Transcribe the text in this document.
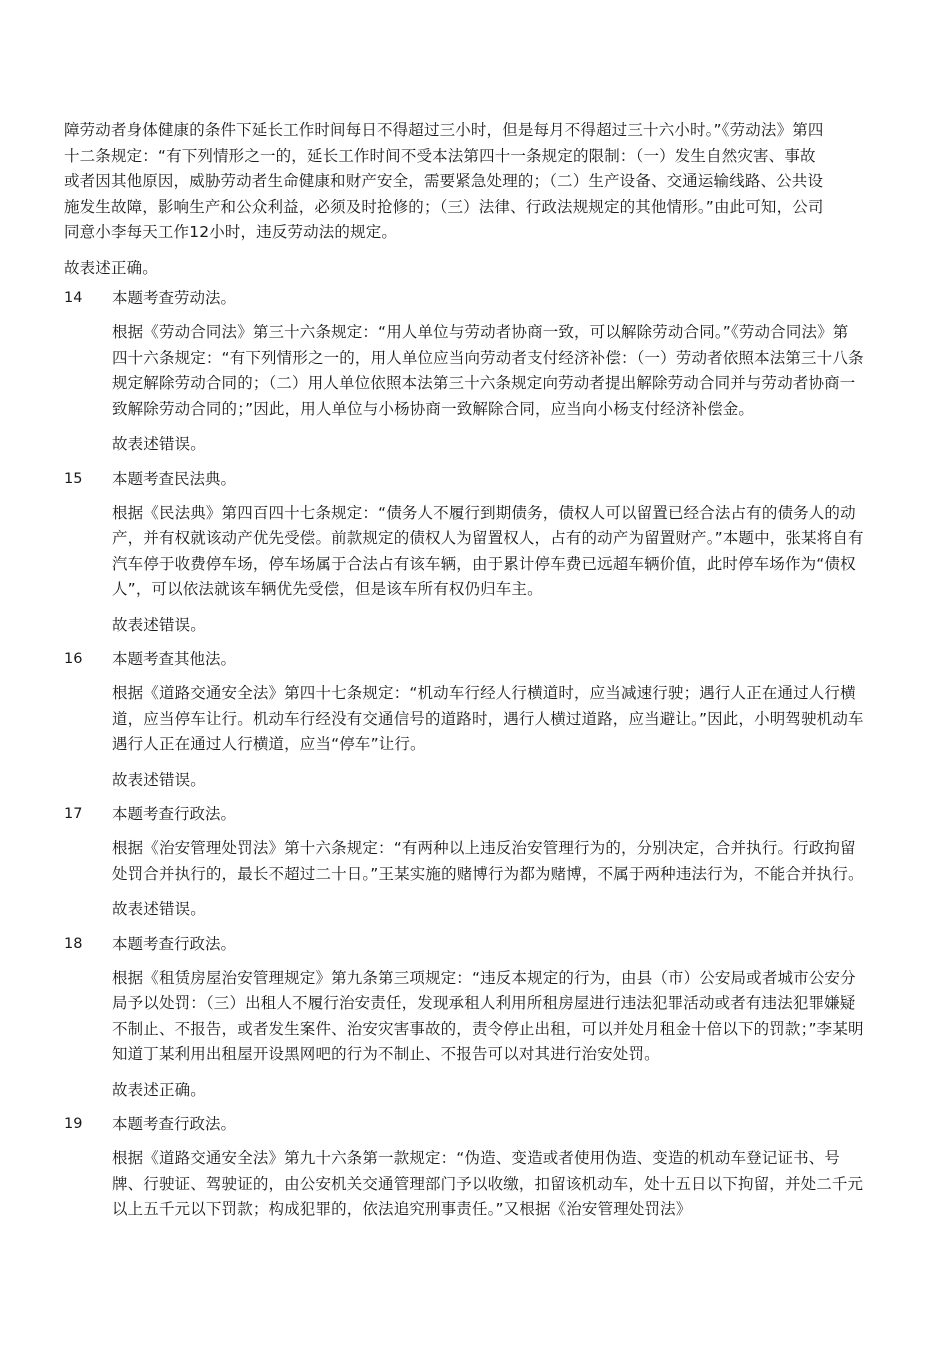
障劳动者身体健康的条件下延长工作时间每日不得超过三小时，但是每月不得超过三十六小时。”《劳动法》第四十二条规定：“有下列情形之一的，延长工作时间不受本法第四十一条规定的限制：（一）发生自然灾害、事故或者因其他原因，威胁劳动者生命健康和财产安全，需要紧急处理的；（二）生产设备、交通运输线路、公共设施发生故障，影响生产和公众利益，必须及时抢修的；（三）法律、行政法规规定的其他情形。”由此可知，公司同意小李每天工作12小时，违反劳动法的规定。

故表述正确。

14	本题考查劳动法。

根据《劳动合同法》第三十六条规定：“用人单位与劳动者协商一致，可以解除劳动合同。”《劳动合同法》第四十六条规定：“有下列情形之一的，用人单位应当向劳动者支付经济补偿：（一）劳动者依照本法第三十八条规定解除劳动合同的；（二）用人单位依照本法第三十六条规定向劳动者提出解除劳动合同并与劳动者协商一致解除劳动合同的；”因此，用人单位与小杨协商一致解除合同，应当向小杨支付经济补偿金。

故表述错误。

15	本题考查民法典。

根据《民法典》第四百四十七条规定：“债务人不履行到期债务，债权人可以留置已经合法占有的债务人的动产，并有权就该动产优先受偿。前款规定的债权人为留置权人，占有的动产为留置财产。”本题中，张某将自有汽车停于收费停车场，停车场属于合法占有该车辆，由于累计停车费已远超车辆价值，此时停车场作为“债权人”，可以依法就该车辆优先受偿，但是该车所有权仍归车主。

故表述错误。

16	本题考查其他法。

根据《道路交通安全法》第四十七条规定：“机动车行经人行横道时，应当减速行驶；遇行人正在通过人行横道，应当停车让行。机动车行经没有交通信号的道路时，遇行人横过道路，应当避让。”因此，小明驾驶机动车遇行人正在通过人行横道，应当“停车”让行。

故表述错误。

17	本题考查行政法。

根据《治安管理处罚法》第十六条规定：“有两种以上违反治安管理行为的，分别决定，合并执行。行政拘留处罚合并执行的，最长不超过二十日。”王某实施的赌博行为都为赌博，不属于两种违法行为，不能合并执行。

故表述错误。

18	本题考查行政法。

根据《租赁房屋治安管理规定》第九条第三项规定：“违反本规定的行为，由县（市）公安局或者城市公安分局予以处罚：（三）出租人不履行治安责任，发现承租人利用所租房屋进行违法犯罪活动或者有违法犯罪嫌疑不制止、不报告，或者发生案件、治安灾害事故的，责令停止出租，可以并处月租金十倍以下的罚款；”李某明知道丁某利用出租屋开设黑网吧的行为不制止、不报告可以对其进行治安处罚。

故表述正确。

19	本题考查行政法。

根据《道路交通安全法》第九十六条第一款规定：“伪造、变造或者使用伪造、变造的机动车登记证书、号牌、行驶证、驾驶证的，由公安机关交通管理部门予以收缴，扣留该机动车，处十五日以下拘留，并处二千元以上五千元以下罚款；构成犯罪的，依法追究刑事责任。”又根据《治安管理处罚法》
